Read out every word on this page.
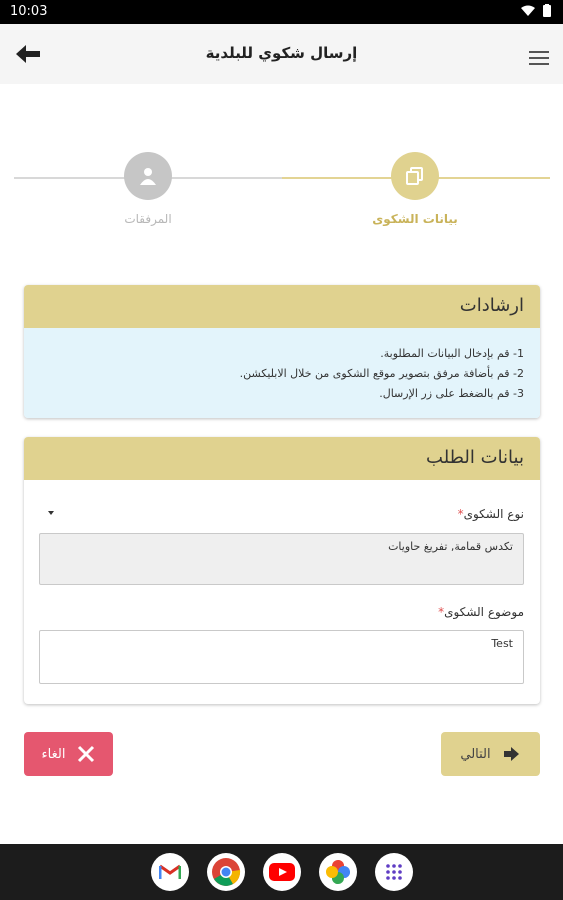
10:03
إرسال شكوي للبلدية
بيانات الشكوى
المرفقات
ارشادات

1- قم بإدخال البيانات المطلوبة.

2- قم بأضافة مرفق بتصوير موقع الشكوى من خلال الابليكشن.

3- قم بالضغط على زر الإرسال.

بيانات الطلب
نوع الشكوى*
تكدس قمامة, تفريغ حاويات
موضوع الشكوى*
Test
التالي
الغاء
